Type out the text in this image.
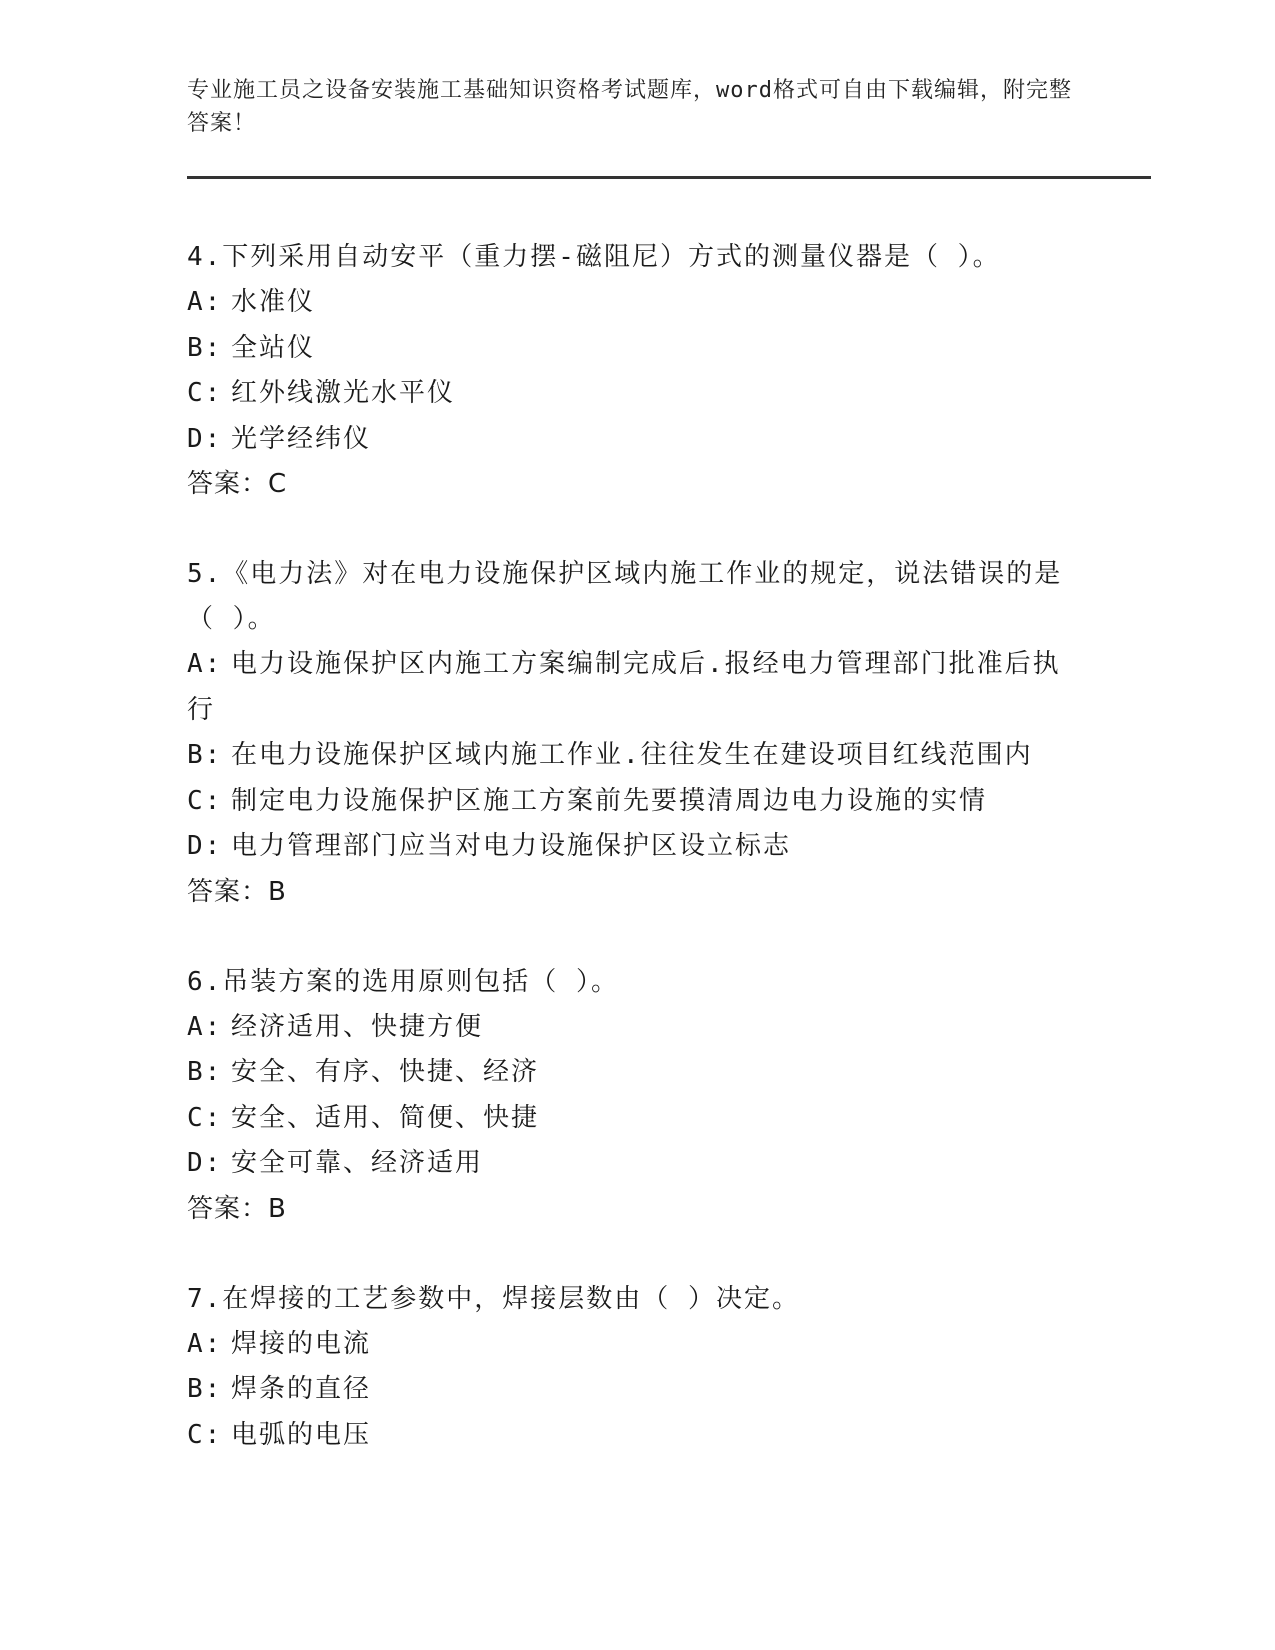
专业施工员之设备安装施工基础知识资格考试题库，word格式可自由下载编辑，附完整答案！
4.下列采用自动安平（重力摆-磁阻尼）方式的测量仪器是（ ）。
A: 水准仪
B: 全站仪
C: 红外线激光水平仪
D: 光学经纬仪
答案：C
5.《电力法》对在电力设施保护区域内施工作业的规定，说法错误的是（ ）。
A: 电力设施保护区内施工方案编制完成后.报经电力管理部门批准后执行
B: 在电力设施保护区域内施工作业.往往发生在建设项目红线范围内
C: 制定电力设施保护区施工方案前先要摸清周边电力设施的实情
D: 电力管理部门应当对电力设施保护区设立标志
答案：B
6.吊装方案的选用原则包括（ ）。
A: 经济适用、快捷方便
B: 安全、有序、快捷、经济
C: 安全、适用、简便、快捷
D: 安全可靠、经济适用
答案：B
7.在焊接的工艺参数中，焊接层数由（ ）决定。
A: 焊接的电流
B: 焊条的直径
C: 电弧的电压
